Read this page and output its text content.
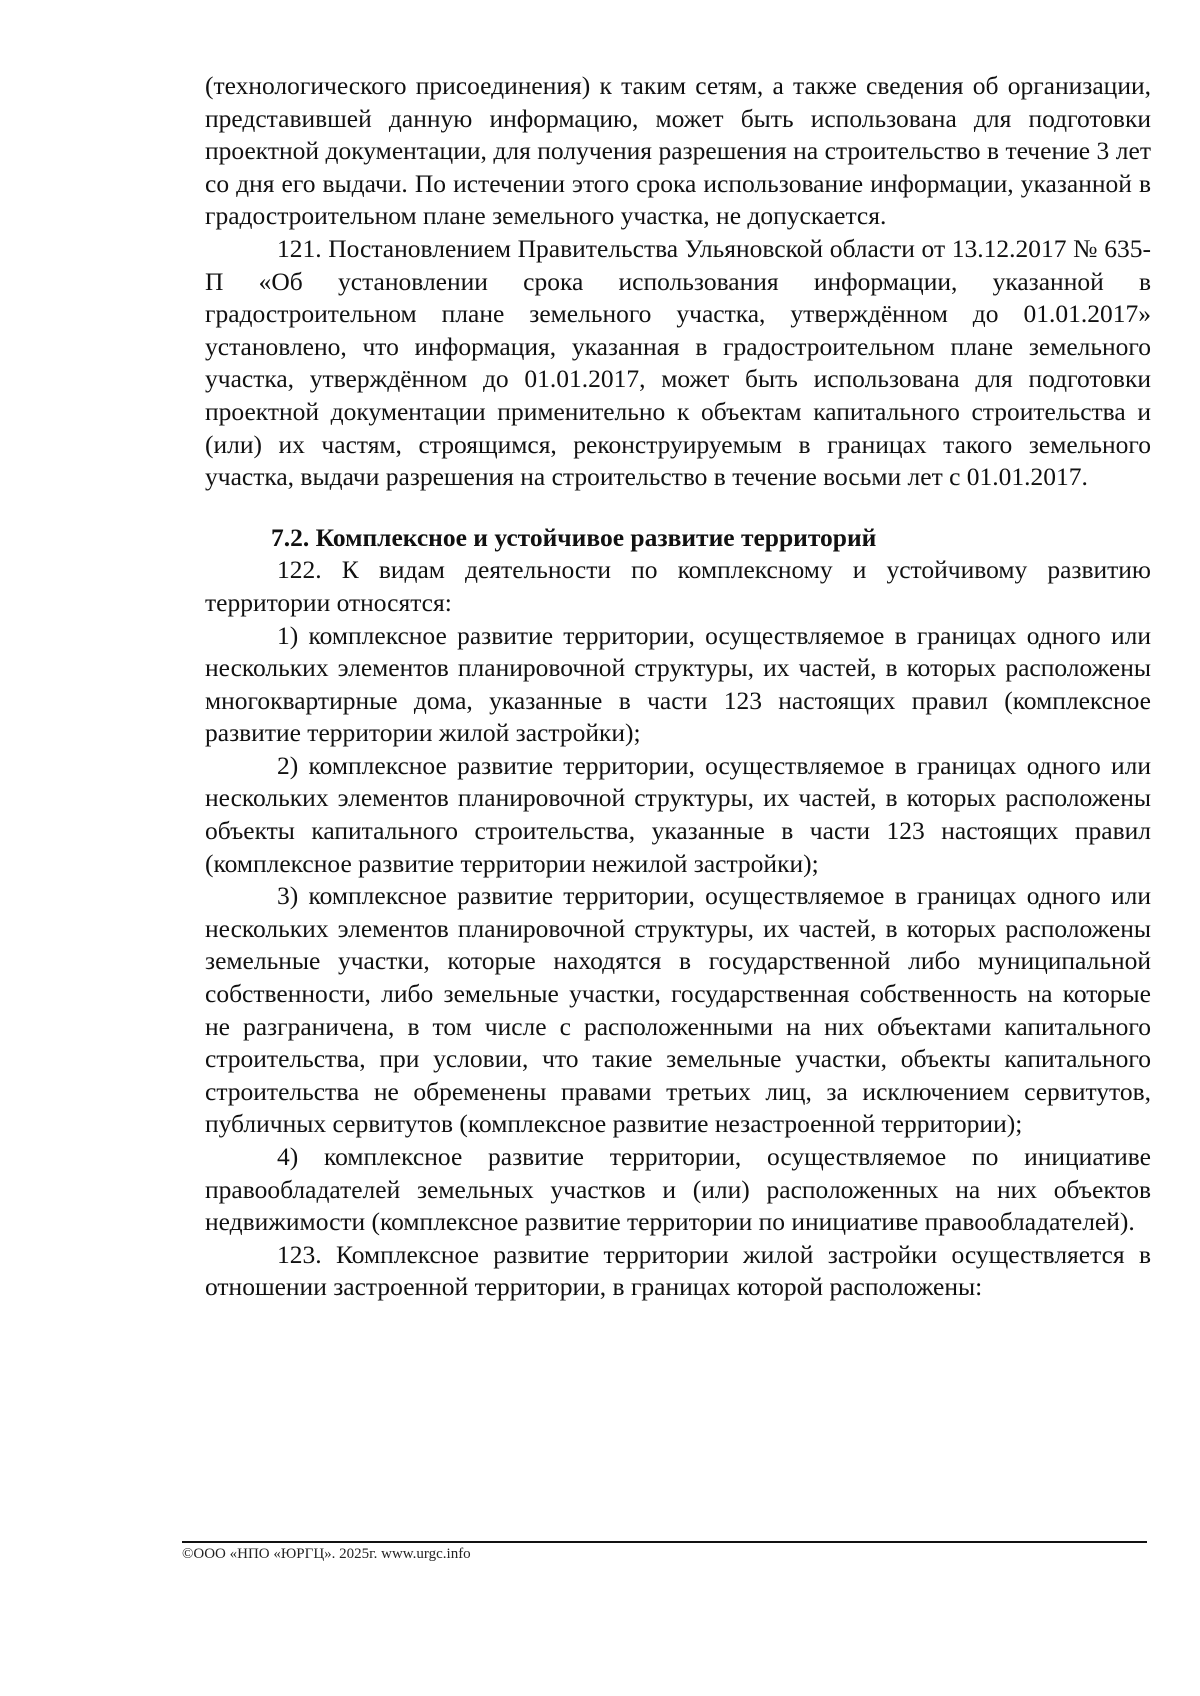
(технологического присоединения) к таким сетям, а также сведения об организации, представившей данную информацию, может быть использована для подготовки проектной документации, для получения разрешения на строительство в течение 3 лет со дня его выдачи. По истечении этого срока использование информации, указанной в градостроительном плане земельного участка, не допускается.

121. Постановлением Правительства Ульяновской области от 13.12.2017 № 635-П «Об установлении срока использования информации, указанной в градостроительном плане земельного участка, утверждённом до 01.01.2017» установлено, что информация, указанная в градостроительном плане земельного участка, утверждённом до 01.01.2017, может быть использована для подготовки проектной документации применительно к объектам капитального строительства и (или) их частям, строящимся, реконструируемым в границах такого земельного участка, выдачи разрешения на строительство в течение восьми лет с 01.01.2017.

7.2. Комплексное и устойчивое развитие территорий

122. К видам деятельности по комплексному и устойчивому развитию территории относятся:

1) комплексное развитие территории, осуществляемое в границах одного или нескольких элементов планировочной структуры, их частей, в которых расположены многоквартирные дома, указанные в части 123 настоящих правил (комплексное развитие территории жилой застройки);

2) комплексное развитие территории, осуществляемое в границах одного или нескольких элементов планировочной структуры, их частей, в которых расположены объекты капитального строительства, указанные в части 123 настоящих правил (комплексное развитие территории нежилой застройки);

3) комплексное развитие территории, осуществляемое в границах одного или нескольких элементов планировочной структуры, их частей, в которых расположены земельные участки, которые находятся в государственной либо муниципальной собственности, либо земельные участки, государственная собственность на которые не разграничена, в том числе с расположенными на них объектами капитального строительства, при условии, что такие земельные участки, объекты капитального строительства не обременены правами третьих лиц, за исключением сервитутов, публичных сервитутов (комплексное развитие незастроенной территории);

4) комплексное развитие территории, осуществляемое по инициативе правообладателей земельных участков и (или) расположенных на них объектов недвижимости (комплексное развитие территории по инициативе правообладателей).

123. Комплексное развитие территории жилой застройки осуществляется в отношении застроенной территории, в границах которой расположены:

©ООО «НПО «ЮРГЦ». 2025г. www.urgc.info
